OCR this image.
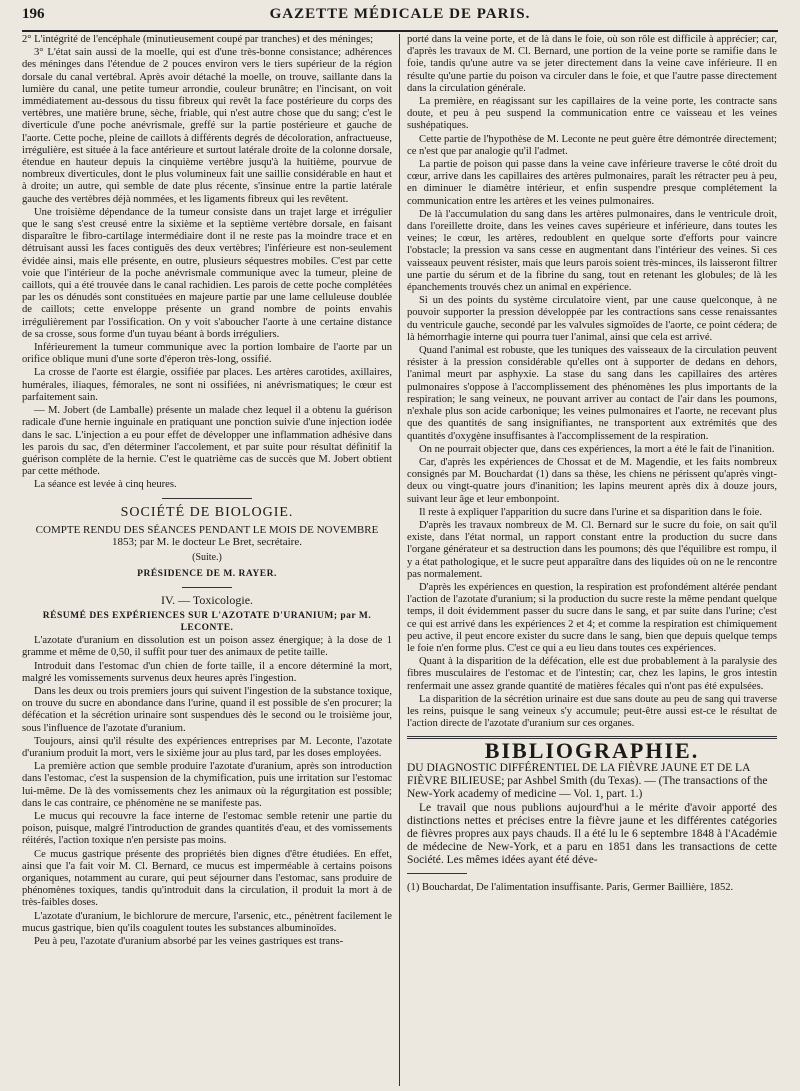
196	GAZETTE MÉDICALE DE PARIS.

2° L'intégrité de l'encéphale (minutieusement coupé par tranches) et des méninges;

3° L'état sain aussi de la moelle, qui est d'une très-bonne consistance; adhérences des méninges dans l'étendue de 2 pouces environ vers le tiers supérieur de la région dorsale du canal vertébral. Après avoir détaché la moelle, on trouve, saillante dans la lumière du canal, une petite tumeur arrondie, couleur brunâtre; en l'incisant, on voit immédiatement au-dessous du tissu fibreux qui revêt la face postérieure du corps des vertèbres, une matière brune, sèche, friable, qui n'est autre chose que du sang; c'est le diverticule d'une poche anévrismale, greffé sur la partie postérieure et gauche de l'aorte. Cette poche, pleine de caillots à différents degrés de décoloration, anfractueuse, irrégulière, est située à la face antérieure et surtout latérale droite de la colonne dorsale, étendue en hauteur depuis la cinquième vertèbre jusqu'à la huitième, pourvue de nombreux diverticules, dont le plus volumineux fait une saillie considérable en haut et à droite; un autre, qui semble de date plus récente, s'insinue entre la partie latérale gauche des vertèbres déjà nommées, et les ligaments fibreux qui les revêtent.

Une troisième dépendance de la tumeur consiste dans un trajet large et irrégulier que le sang s'est creusé entre la sixième et la septième vertèbre dorsale, en faisant disparaître le fibro-cartilage intermédiaire dont il ne reste pas la moindre trace et en détruisant aussi les faces contiguës des deux vertèbres; l'inférieure est non-seulement évidée ainsi, mais elle présente, en outre, plusieurs séquestres mobiles. C'est par cette voie que l'intérieur de la poche anévrismale communique avec la tumeur, pleine de caillots, qui a été trouvée dans le canal rachidien. Les parois de cette poche complétées par les os dénudés sont constituées en majeure partie par une lame celluleuse doublée de caillots; cette enveloppe présente un grand nombre de points envahis irrégulièrement par l'ossification. On y voit s'aboucher l'aorte à une certaine distance de sa crosse, sous forme d'un tuyau béant à bords irréguliers.

Inférieurement la tumeur communique avec la portion lombaire de l'aorte par un orifice oblique muni d'une sorte d'éperon très-long, ossifié.

La crosse de l'aorte est élargie, ossifiée par places. Les artères carotides, axillaires, humérales, iliaques, fémorales, ne sont ni ossifiées, ni anévrismatiques; le cœur est parfaitement sain.

— M. Jobert (de Lamballe) présente un malade chez lequel il a obtenu la guérison radicale d'une hernie inguinale en pratiquant une ponction suivie d'une injection iodée dans le sac. L'injection a eu pour effet de développer une inflammation adhésive dans les parois du sac, d'en déterminer l'accolement, et par suite pour résultat définitif la guérison complète de la hernie. C'est le quatrième cas de succès que M. Jobert obtient par cette méthode.

La séance est levée à cinq heures.

SOCIÉTÉ DE BIOLOGIE.

COMPTE RENDU DES SÉANCES PENDANT LE MOIS DE NOVEMBRE 1853; par M. le docteur Le Bret, secrétaire.

(Suite.)

PRÉSIDENCE DE M. RAYER.

IV. — Toxicologie.

RÉSUMÉ DES EXPÉRIENCES SUR L'AZOTATE D'URANIUM; par M. LECONTE.

L'azotate d'uranium en dissolution est un poison assez énergique; à la dose de 1 gramme et même de 0,50, il suffit pour tuer des animaux de petite taille.

Introduit dans l'estomac d'un chien de forte taille, il a encore déterminé la mort, malgré les vomissements survenus deux heures après l'ingestion.

Dans les deux ou trois premiers jours qui suivent l'ingestion de la substance toxique, on trouve du sucre en abondance dans l'urine, quand il est possible de s'en procurer; la défécation et la sécrétion urinaire sont suspendues dès le second ou le troisième jour, sous l'influence de l'azotate d'uranium.

Toujours, ainsi qu'il résulte des expériences entreprises par M. Leconte, l'azotate d'uranium produit la mort, vers le sixième jour au plus tard, par les doses employées.

La première action que semble produire l'azotate d'uranium, après son introduction dans l'estomac, c'est la suspension de la chymification, puis une irritation sur l'estomac lui-même. De là des vomissements chez les animaux où la régurgitation est possible; dans le cas contraire, ce phénomène ne se manifeste pas.

Le mucus qui recouvre la face interne de l'estomac semble retenir une partie du poison, puisque, malgré l'introduction de grandes quantités d'eau, et des vomissements réitérés, l'action toxique n'en persiste pas moins.

Ce mucus gastrique présente des propriétés bien dignes d'être étudiées. En effet, ainsi que l'a fait voir M. Cl. Bernard, ce mucus est imperméable à certains poisons organiques, notamment au curare, qui peut séjourner dans l'estomac, sans produire de phénomènes toxiques, tandis qu'introduit dans la circulation, il produit la mort à de très-faibles doses.

L'azotate d'uranium, le bichlorure de mercure, l'arsenic, etc., pénètrent facilement le mucus gastrique, bien qu'ils coagulent toutes les substances albuminoïdes.

Peu à peu, l'azotate d'uranium absorbé par les veines gastriques est trans-

porté dans la veine porte, et de là dans le foie, où son rôle est difficile à apprécier; car, d'après les travaux de M. Cl. Bernard, une portion de la veine porte se ramifie dans le foie, tandis qu'une autre va se jeter directement dans la veine cave inférieure. Il en résulte qu'une partie du poison va circuler dans le foie, et que l'autre passe directement dans la circulation générale.

La première, en réagissant sur les capillaires de la veine porte, les contracte sans doute, et peu à peu suspend la communication entre ce vaisseau et les veines sushépatiques.

Cette partie de l'hypothèse de M. Leconte ne peut guère être démontrée directement; ce n'est que par analogie qu'il l'admet.

La partie de poison qui passe dans la veine cave inférieure traverse le côté droit du cœur, arrive dans les capillaires des artères pulmonaires, paraît les rétracter peu à peu, en diminuer le diamètre intérieur, et enfin suspendre presque complétement la communication entre les artères et les veines pulmonaires.

De là l'accumulation du sang dans les artères pulmonaires, dans le ventricule droit, dans l'oreillette droite, dans les veines caves supérieure et inférieure, dans toutes les veines; le cœur, les artères, redoublent en quelque sorte d'efforts pour vaincre l'obstacle; la pression va sans cesse en augmentant dans l'intérieur des veines. Si ces vaisseaux peuvent résister, mais que leurs parois soient très-minces, ils laisseront filtrer une partie du sérum et de la fibrine du sang, tout en retenant les globules; de là les épanchements trouvés chez un animal en expérience.

Si un des points du système circulatoire vient, par une cause quelconque, à ne pouvoir supporter la pression développée par les contractions sans cesse renaissantes du ventricule gauche, secondé par les valvules sigmoïdes de l'aorte, ce point cédera; de là hémorrhagie interne qui pourra tuer l'animal, ainsi que cela est arrivé.

Quand l'animal est robuste, que les tuniques des vaisseaux de la circulation peuvent résister à la pression considérable qu'elles ont à supporter de dedans en dehors, l'animal meurt par asphyxie. La stase du sang dans les capillaires des artères pulmonaires s'oppose à l'accomplissement des phénomènes les plus importants de la respiration; le sang veineux, ne pouvant arriver au contact de l'air dans les poumons, n'exhale plus son acide carbonique; les veines pulmonaires et l'aorte, ne recevant plus que des quantités de sang insignifiantes, ne transportent aux extrémités que des quantités d'oxygène insuffisantes à l'accomplissement de la respiration.

On ne pourrait objecter que, dans ces expériences, la mort a été le fait de l'inanition.

Car, d'après les expériences de Chossat et de M. Magendie, et les faits nombreux consignés par M. Bouchardat (1) dans sa thèse, les chiens ne périssent qu'après vingt-deux ou vingt-quatre jours d'inanition; les lapins meurent après dix à douze jours, suivant leur âge et leur embonpoint.

Il reste à expliquer l'apparition du sucre dans l'urine et sa disparition dans le foie.

D'après les travaux nombreux de M. Cl. Bernard sur le sucre du foie, on sait qu'il existe, dans l'état normal, un rapport constant entre la production du sucre dans l'organe générateur et sa destruction dans les poumons; dès que l'équilibre est rompu, il y a état pathologique, et le sucre peut apparaître dans des liquides où on ne le rencontre pas normalement.

D'après les expériences en question, la respiration est profondément altérée pendant l'action de l'azotate d'uranium; si la production du sucre reste la même pendant quelque temps, il doit évidemment passer du sucre dans le sang, et par suite dans l'urine; c'est ce qui est arrivé dans les expériences 2 et 4; et comme la respiration est chimiquement peu active, il peut encore exister du sucre dans le sang, bien que depuis quelque temps le foie n'en forme plus. C'est ce qui a eu lieu dans toutes ces expériences.

Quant à la disparition de la défécation, elle est due probablement à la paralysie des fibres musculaires de l'estomac et de l'intestin; car, chez les lapins, le gros intestin renfermait une assez grande quantité de matières fécales qui n'ont pas été expulsées.

La disparition de la sécrétion urinaire est due sans doute au peu de sang qui traverse les reins, puisque le sang veineux s'y accumule; peut-être aussi est-ce le résultat de l'action directe de l'azotate d'uranium sur ces organes.

BIBLIOGRAPHIE.

DU DIAGNOSTIC DIFFÉRENTIEL DE LA FIÈVRE JAUNE ET DE LA FIÈVRE BILIEUSE; par Ashbel Smith (du Texas). — (The transactions of the New-York academy of medicine — Vol. 1, part. 1.)

Le travail que nous publions aujourd'hui a le mérite d'avoir apporté des distinctions nettes et précises entre la fièvre jaune et les différentes catégories de fièvres propres aux pays chauds. Il a été lu le 6 septembre 1848 à l'Académie de médecine de New-York, et a paru en 1851 dans les transactions de cette Société. Les mêmes idées ayant été déve-

(1) Bouchardat, De l'alimentation insuffisante. Paris, Germer Baillière, 1852.
